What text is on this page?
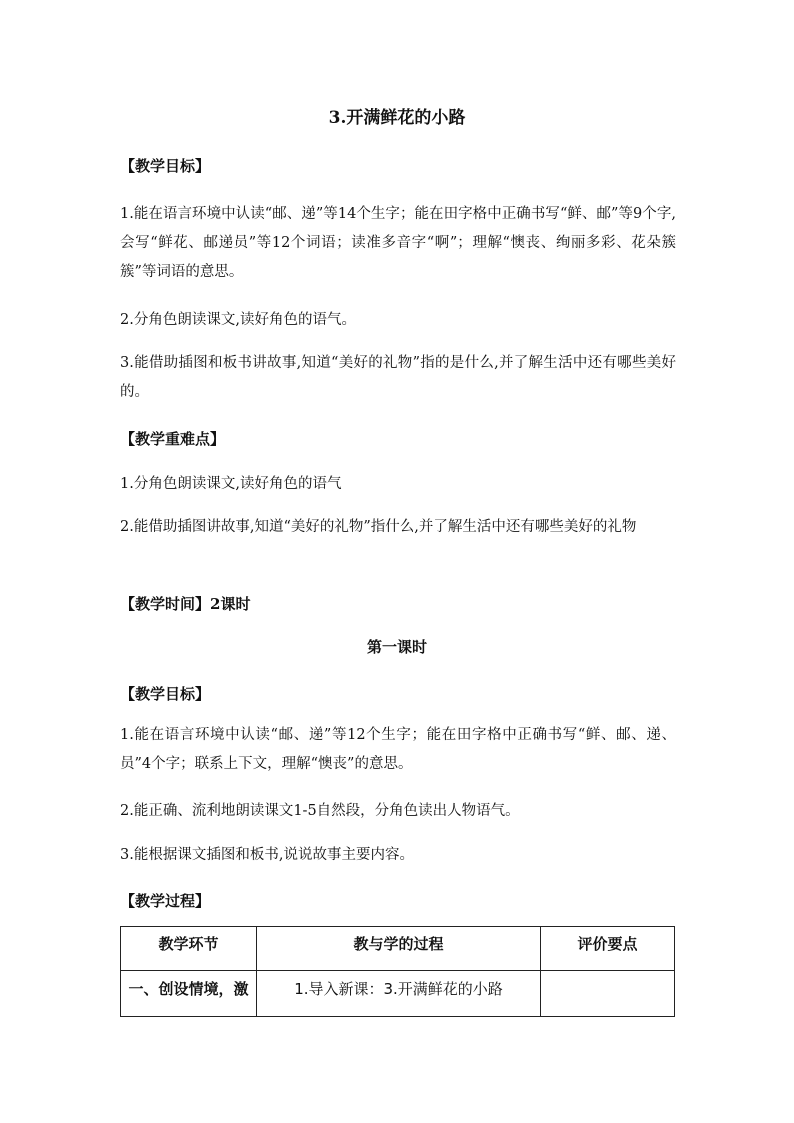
3.开满鲜花的小路
【教学目标】
1.能在语言环境中认读“邮、递”等14个生字；能在田字格中正确书写“鲜、邮”等9个字,会写“鲜花、邮递员”等12个词语；读准多音字“啊”；理解“懊丧、绚丽多彩、花朵簇簇”等词语的意思。
2.分角色朗读课文,读好角色的语气。
3.能借助插图和板书讲故事,知道“美好的礼物”指的是什么,并了解生活中还有哪些美好的。
【教学重难点】
1.分角色朗读课文,读好角色的语气
2.能借助插图讲故事,知道“美好的礼物”指什么,并了解生活中还有哪些美好的礼物
【教学时间】2课时
第一课时
【教学目标】
1.能在语言环境中认读“邮、递”等12个生字；能在田字格中正确书写“鲜、邮、递、员”4个字；联系上下文，理解“懊丧”的意思。
2.能正确、流利地朗读课文1-5自然段，分角色读出人物语气。
3.能根据课文插图和板书,说说故事主要内容。
【教学过程】
教学环节	教与学的过程	评价要点
一、创设情境，激	1.导入新课：3.开满鲜花的小路	
